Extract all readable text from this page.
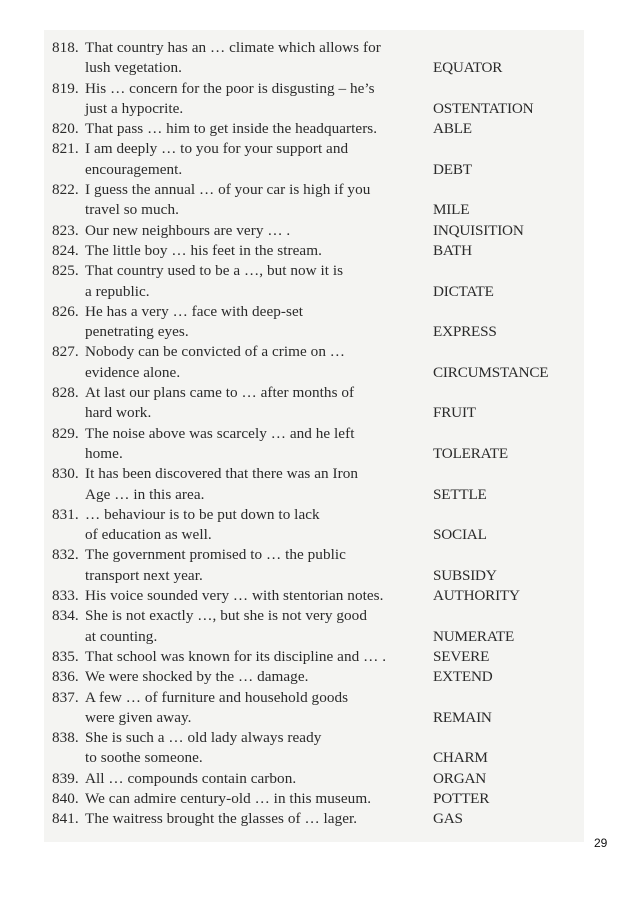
818. That country has an … climate which allows for
lush vegetation.	EQUATOR
819. His … concern for the poor is disgusting – he’s
just a hypocrite.	OSTENTATION
820. That pass … him to get inside the headquarters.	ABLE
821. I am deeply … to you for your support and
encouragement.	DEBT
822. I guess the annual … of your car is high if you
travel so much.	MILE
823. Our new neighbours are very … .	INQUISITION
824. The little boy … his feet in the stream.	BATH
825. That country used to be a …, but now it is
a republic.	DICTATE
826. He has a very … face with deep-set
penetrating eyes.	EXPRESS
827. Nobody can be convicted of a crime on …
evidence alone.	CIRCUMSTANCE
828. At last our plans came to … after months of
hard work.	FRUIT
829. The noise above was scarcely … and he left
home.	TOLERATE
830. It has been discovered that there was an Iron
Age … in this area.	SETTLE
831. … behaviour is to be put down to lack
of education as well.	SOCIAL
832. The government promised to … the public
transport next year.	SUBSIDY
833. His voice sounded very … with stentorian notes.	AUTHORITY
834. She is not exactly …, but she is not very good
at counting.	NUMERATE
835. That school was known for its discipline and … .	SEVERE
836. We were shocked by the … damage.	EXTEND
837. A few … of furniture and household goods
were given away.	REMAIN
838. She is such a … old lady always ready
to soothe someone.	CHARM
839. All … compounds contain carbon.	ORGAN
840. We can admire century-old … in this museum.	POTTER
841. The waitress brought the glasses of … lager.	GAS
29
